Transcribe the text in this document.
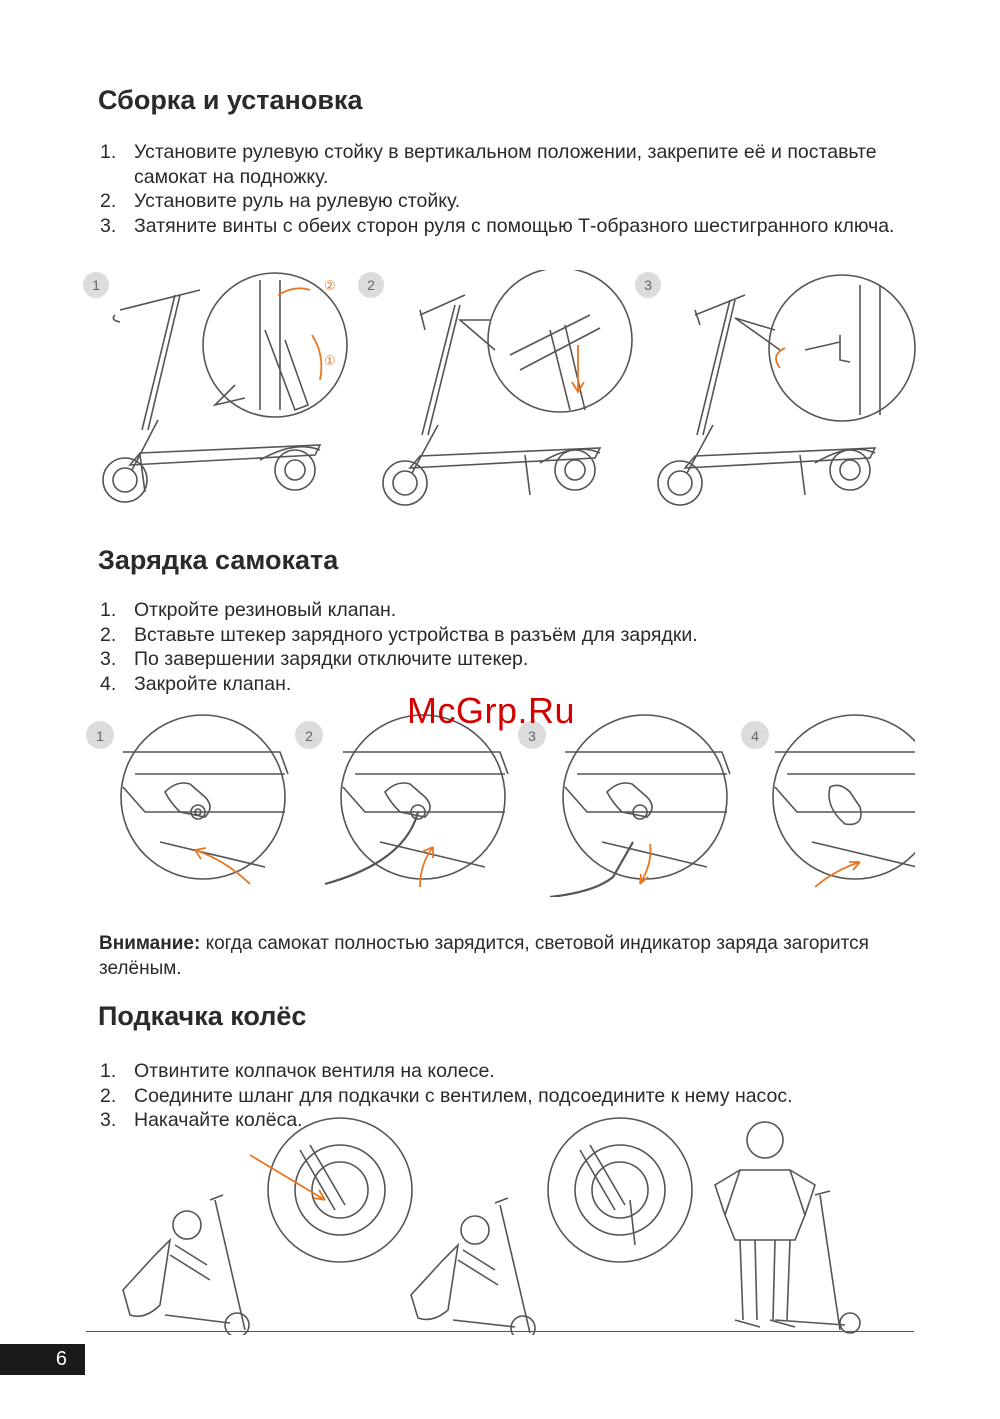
Сборка и установка
1. Установите рулевую стойку в вертикальном положении, закрепите её и поставьте самокат на подножку.
2. Установите руль на рулевую стойку.
3. Затяните винты с обеих сторон руля с помощью Т-образного шестигранного ключа.
②
①
1	2	3
Зарядка самоката
1. Откройте резиновый клапан.
2. Вставьте штекер зарядного устройства в разъём для зарядки.
3. По завершении зарядки отключите штекер.
4. Закройте клапан.
1	2	3	4
McGrp.Ru

Внимание: когда самокат полностью зарядится, световой индикатор заряда загорится зелёным.

Подкачка колёс
1. Отвинтите колпачок вентиля на колесе.
2. Соедините шланг для подкачки с вентилем, подсоедините к нему насос.
3. Накачайте колёса.
6
